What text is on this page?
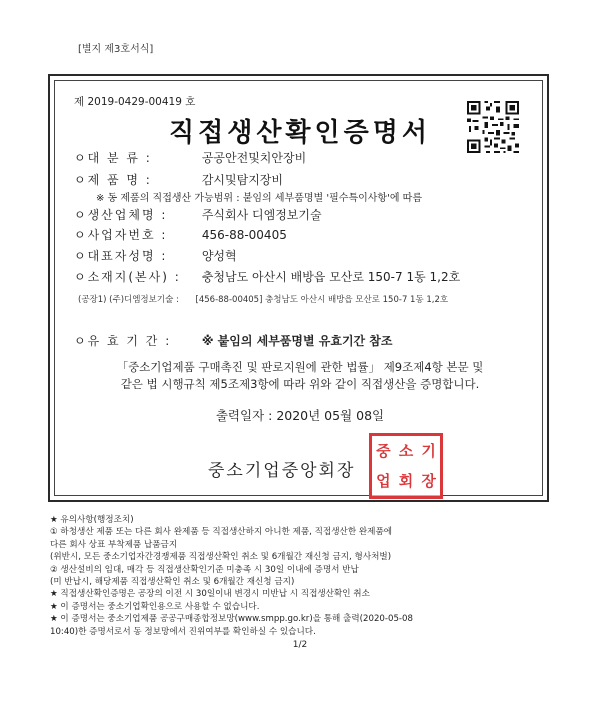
[별지 제3호서식]
제 2019-0429-00419 호
직접생산확인증명서
ㅇ대 분 류 :	공공안전및치안장비
ㅇ제 품 명 :	감시및탐지장비
※ 동 제품의 직접생산 가능범위 : 붙임의 세부품명별 '필수특이사항'에 따름
ㅇ생산업체명 :	주식회사 디엠정보기술
ㅇ사업자번호 :	456-88-00405
ㅇ대표자성명 :	양성혁
ㅇ소재지(본사) : 충청남도 아산시 배방읍 모산로 150-7 1동 1,2호
(공장1) (주)디엠정보기술 : [456-88-00405] 충청남도 아산시 배방읍 모산로 150-7 1동 1,2호
ㅇ유 효 기 간 :	※ 붙임의 세부품명별 유효기간 참조
「중소기업제품 구매촉진 및 판로지원에 관한 법률」 제9조제4항 본문 및
같은 법 시행규칙 제5조제3항에 따라 위와 같이 직접생산을 증명합니다.
출력일자 : 2020년 05월 08일
중소기업중앙회장
중 소 기
업 회 장
★ 유의사항(행정조치)
① 하청생산 제품 또는 다른 회사 완제품 등 직접생산하지 아니한 제품, 직접생산한 완제품에
다른 회사 상표 부착제품 납품금지
(위반시, 모든 중소기업자간경쟁제품 직접생산확인 취소 및 6개월간 재신청 금지, 형사처벌)
② 생산설비의 임대, 매각 등 직접생산확인기준 미충족 시 30일 이내에 증명서 반납
(미 반납시, 해당제품 직접생산확인 취소 및 6개월간 재신청 금지)
★ 직접생산확인증명은 공장의 이전 시 30일이내 변경시 미반납 시 직접생산확인 취소
★ 이 증명서는 중소기업확인용으로 사용할 수 없습니다.
★ 이 증명서는 중소기업제품 공공구매종합정보망(www.smpp.go.kr)을 통해 출력(2020-05-08
10:40)한 증명서로서 동 정보망에서 진위여부를 확인하실 수 있습니다.
1/2
